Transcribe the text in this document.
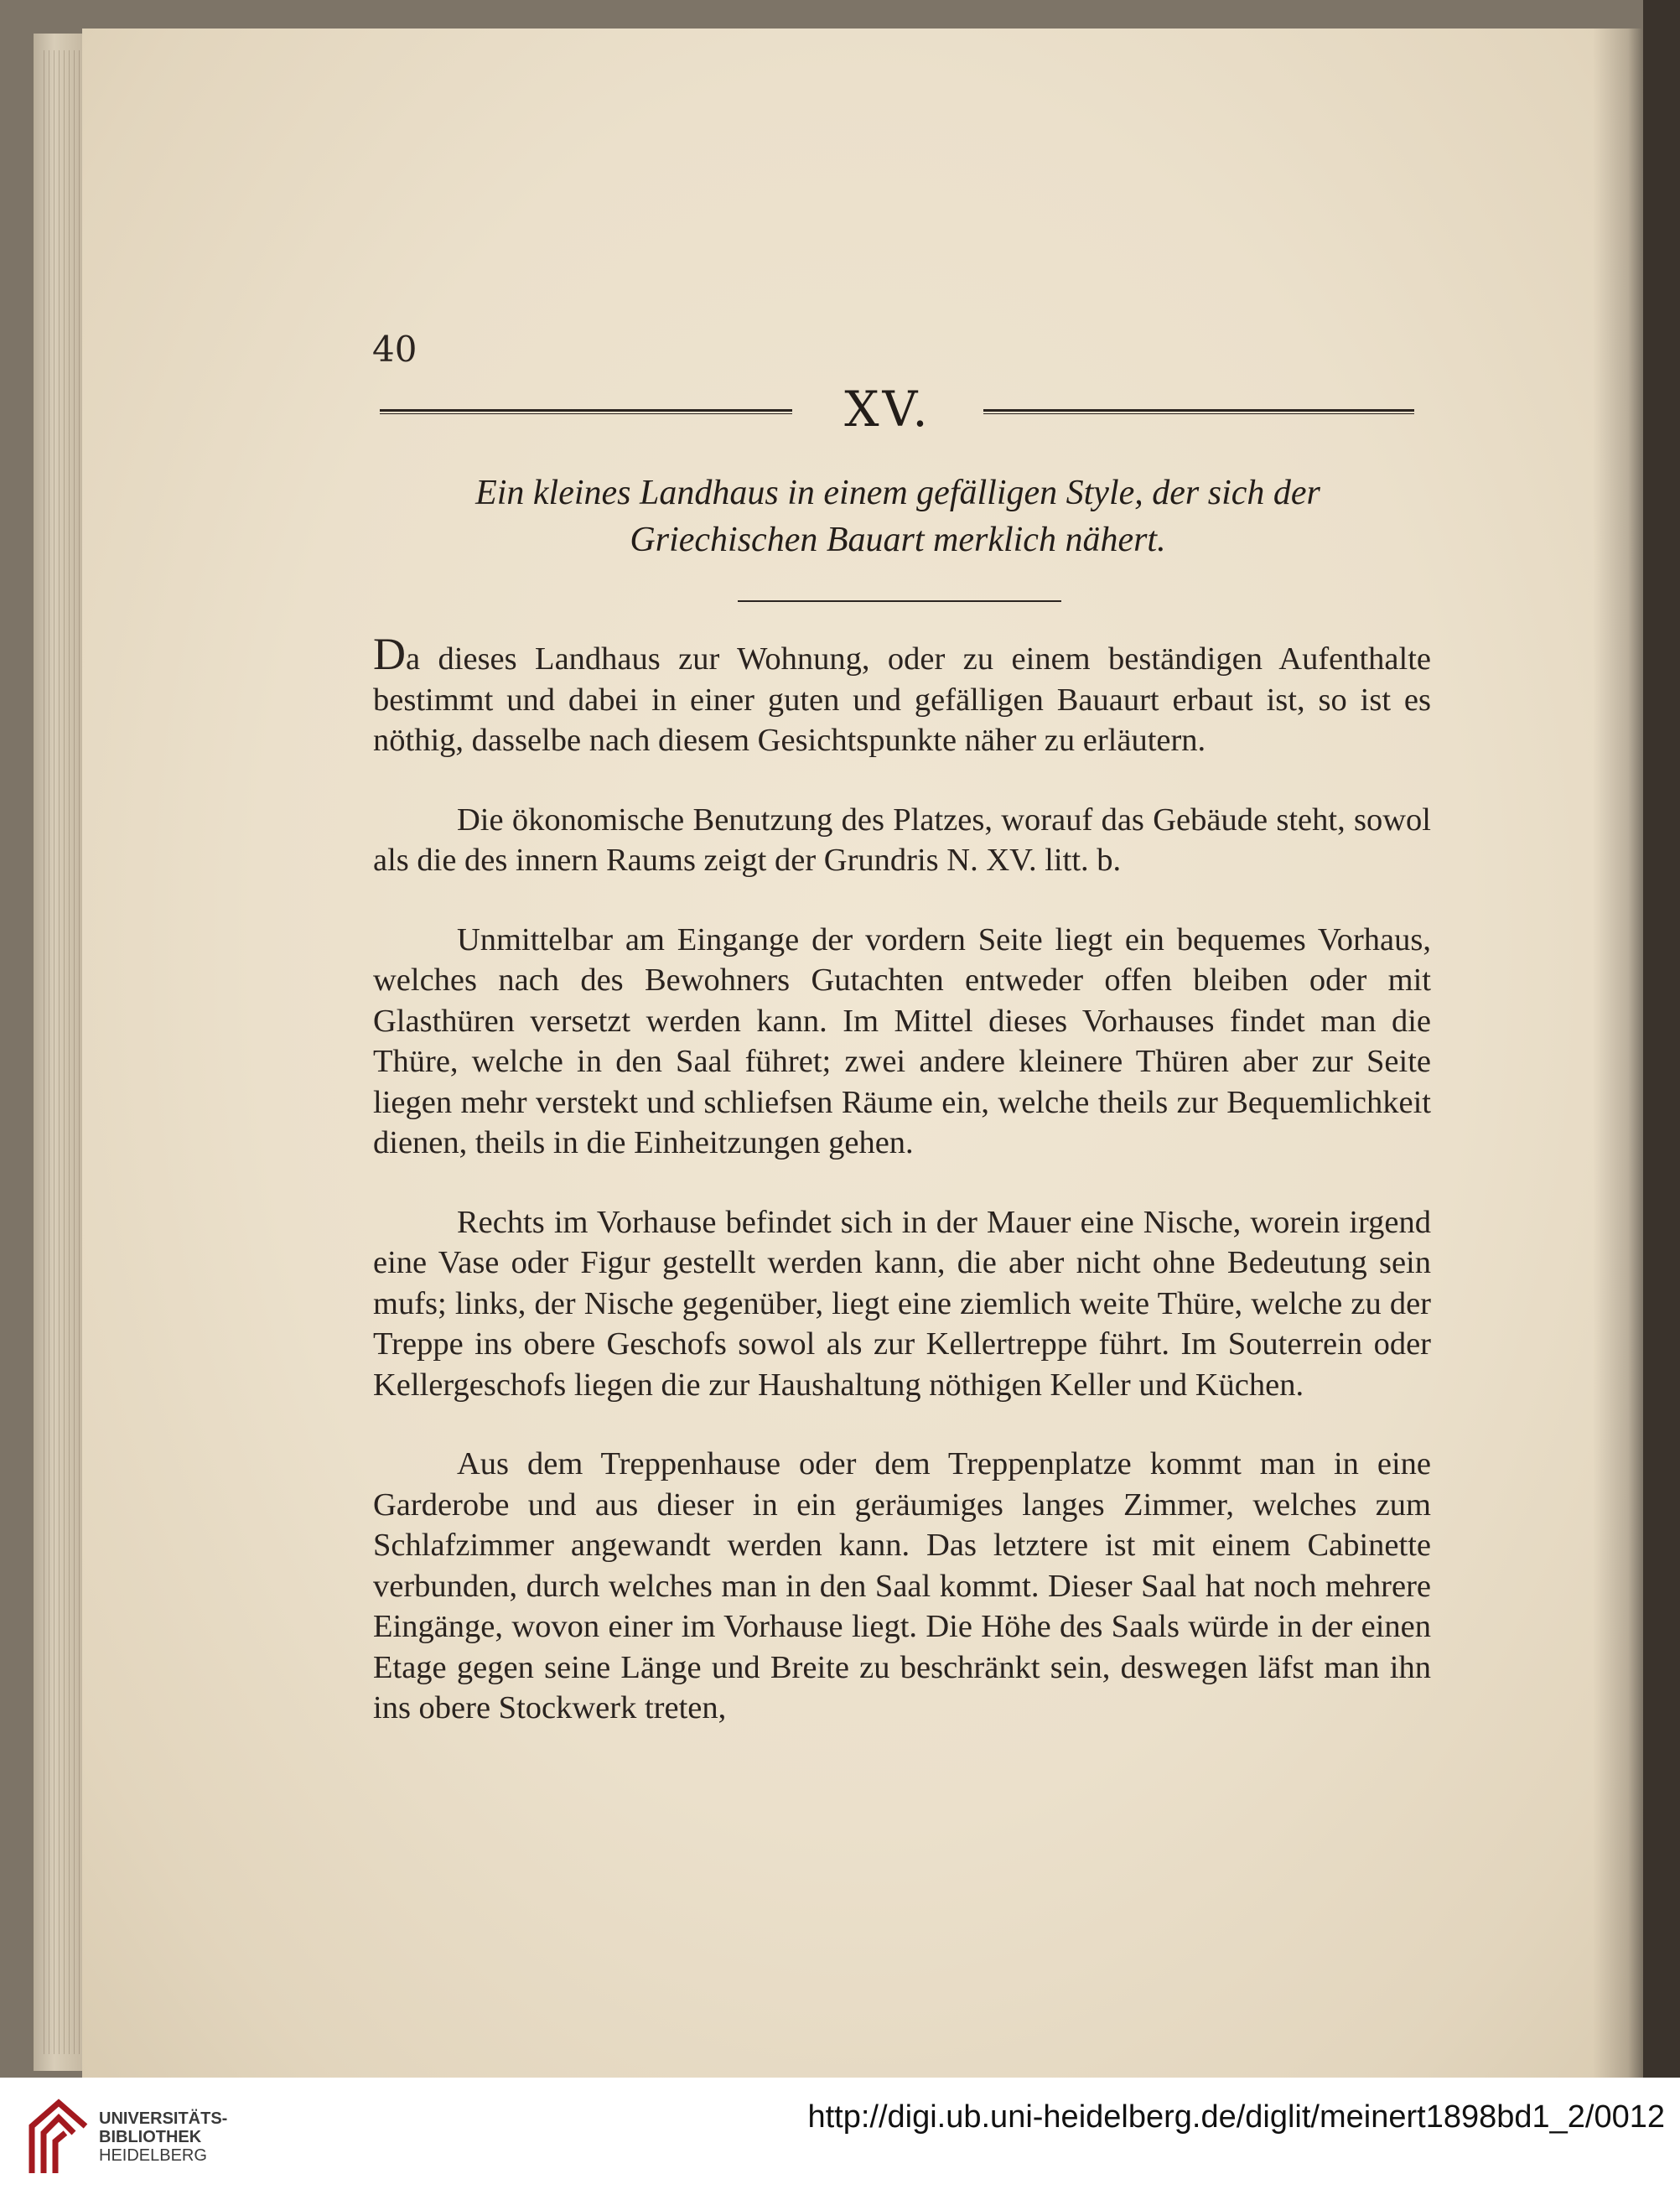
40
XV.
Ein kleines Landhaus in einem gefälligen Style, der sich der Griechischen Bauart merklich nähert.

Da dieses Landhaus zur Wohnung, oder zu einem beständigen Aufenthalte bestimmt und dabei in einer guten und gefälligen Bauaurt erbaut ist, so ist es nöthig, dasselbe nach diesem Gesichtspunkte näher zu erläutern.

Die ökonomische Benutzung des Platzes, worauf das Gebäude steht, sowol als die des innern Raums zeigt der Grundris N. XV. litt. b.

Unmittelbar am Eingange der vordern Seite liegt ein bequemes Vorhaus, welches nach des Bewohners Gutachten entweder offen bleiben oder mit Glasthüren versetzt werden kann. Im Mittel dieses Vorhauses findet man die Thüre, welche in den Saal führet; zwei andere kleinere Thüren aber zur Seite liegen mehr verstekt und schliefsen Räume ein, welche theils zur Bequemlichkeit dienen, theils in die Einheitzungen gehen.

Rechts im Vorhause befindet sich in der Mauer eine Nische, worein irgend eine Vase oder Figur gestellt werden kann, die aber nicht ohne Bedeutung sein mufs; links, der Nische gegenüber, liegt eine ziemlich weite Thüre, welche zu der Treppe ins obere Geschofs sowol als zur Kellertreppe führt. Im Souterrein oder Kellergeschofs liegen die zur Haushaltung nöthigen Keller und Küchen.

Aus dem Treppenhause oder dem Treppenplatze kommt man in eine Garderobe und aus dieser in ein geräumiges langes Zimmer, welches zum Schlafzimmer angewandt werden kann. Das letztere ist mit einem Cabinette verbunden, durch welches man in den Saal kommt. Dieser Saal hat noch mehrere Eingänge, wovon einer im Vorhause liegt. Die Höhe des Saals würde in der einen Etage gegen seine Länge und Breite zu beschränkt sein, deswegen läfst man ihn ins obere Stockwerk treten,

UNIVERSITÄTS-
BIBLIOTHEK
HEIDELBERG
http://digi.ub.uni-heidelberg.de/diglit/meinert1898bd1_2/0012
